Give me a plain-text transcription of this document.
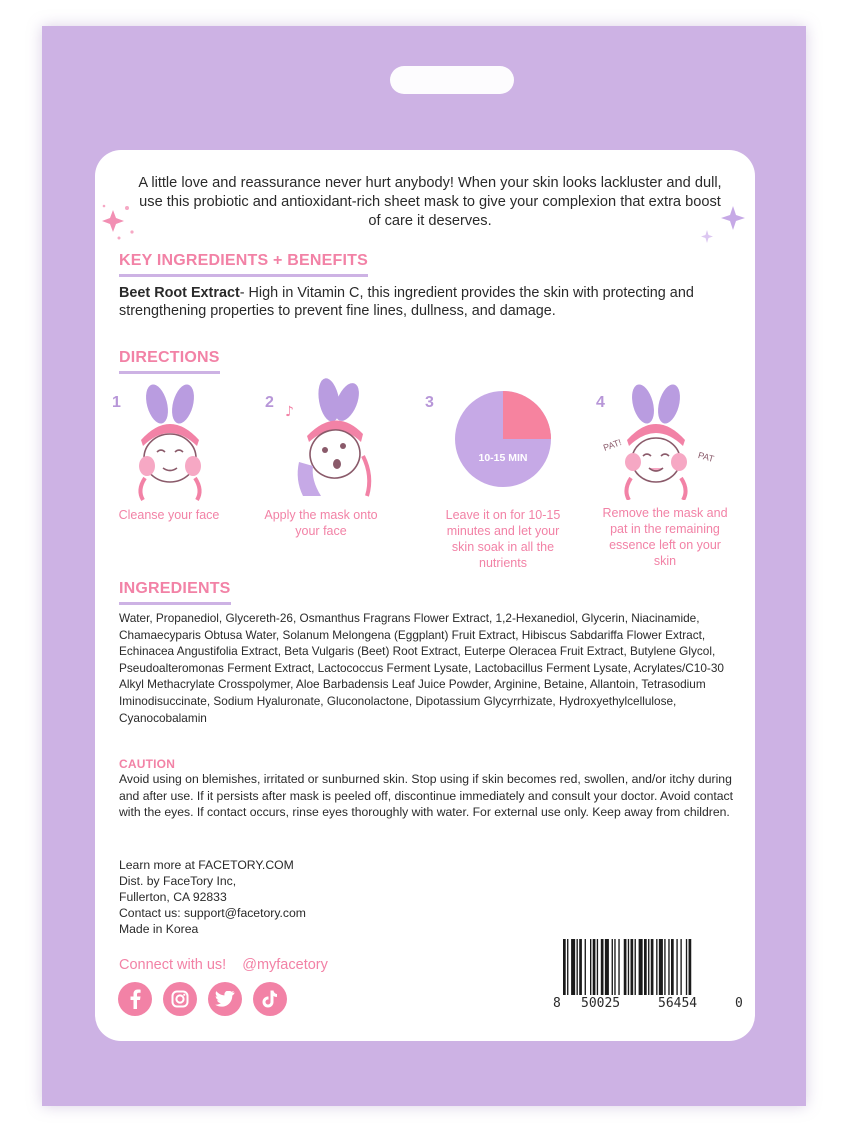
A little love and reassurance never hurt anybody! When your skin looks lackluster and dull, use this probiotic and antioxidant-rich sheet mask to give your complexion that extra boost of care it deserves.
KEY INGREDIENTS + BENEFITS
Beet Root Extract- High in Vitamin C, this ingredient provides the skin with protecting and strengthening properties to prevent fine lines, dullness, and damage.
DIRECTIONS
1
Cleanse your face
2
♪
Apply the mask onto your face
3
10-15 MIN
Leave it on for 10-15 minutes and let your skin soak in all the nutrients
4
PAT!
PAT
Remove the mask and pat in the remaining essence left on your skin
INGREDIENTS
Water, Propanediol, Glycereth-26, Osmanthus Fragrans Flower Extract, 1,2-Hexanediol, Glycerin, Niacinamide, Chamaecyparis Obtusa Water, Solanum Melongena (Eggplant) Fruit Extract, Hibiscus Sabdariffa Flower Extract, Echinacea Angustifolia Extract, Beta Vulgaris (Beet) Root Extract, Euterpe Oleracea Fruit Extract, Butylene Glycol, Pseudoalteromonas Ferment Extract, Lactococcus Ferment Lysate, Lactobacillus Ferment Lysate, Acrylates/C10-30 Alkyl Methacrylate Crosspolymer, Aloe Barbadensis Leaf Juice Powder, Arginine, Betaine, Allantoin, Tetrasodium Iminodisuccinate, Sodium Hyaluronate, Gluconolactone, Dipotassium Glycyrrhizate, Hydroxyethylcellulose, Cyanocobalamin
CAUTION
Avoid using on blemishes, irritated or sunburned skin. Stop using if skin becomes red, swollen, and/or itchy during and after use. If it persists after mask is peeled off, discontinue immediately and consult your doctor. Avoid contact with the eyes. If contact occurs, rinse eyes thoroughly with water. For external use only. Keep away from children.
Learn more at FACETORY.COM
Dist. by FaceTory Inc,
Fullerton, CA 92833
Contact us: support@facetory.com
Made in Korea
Connect with us! @myfacetory
8 50025	56454	0
